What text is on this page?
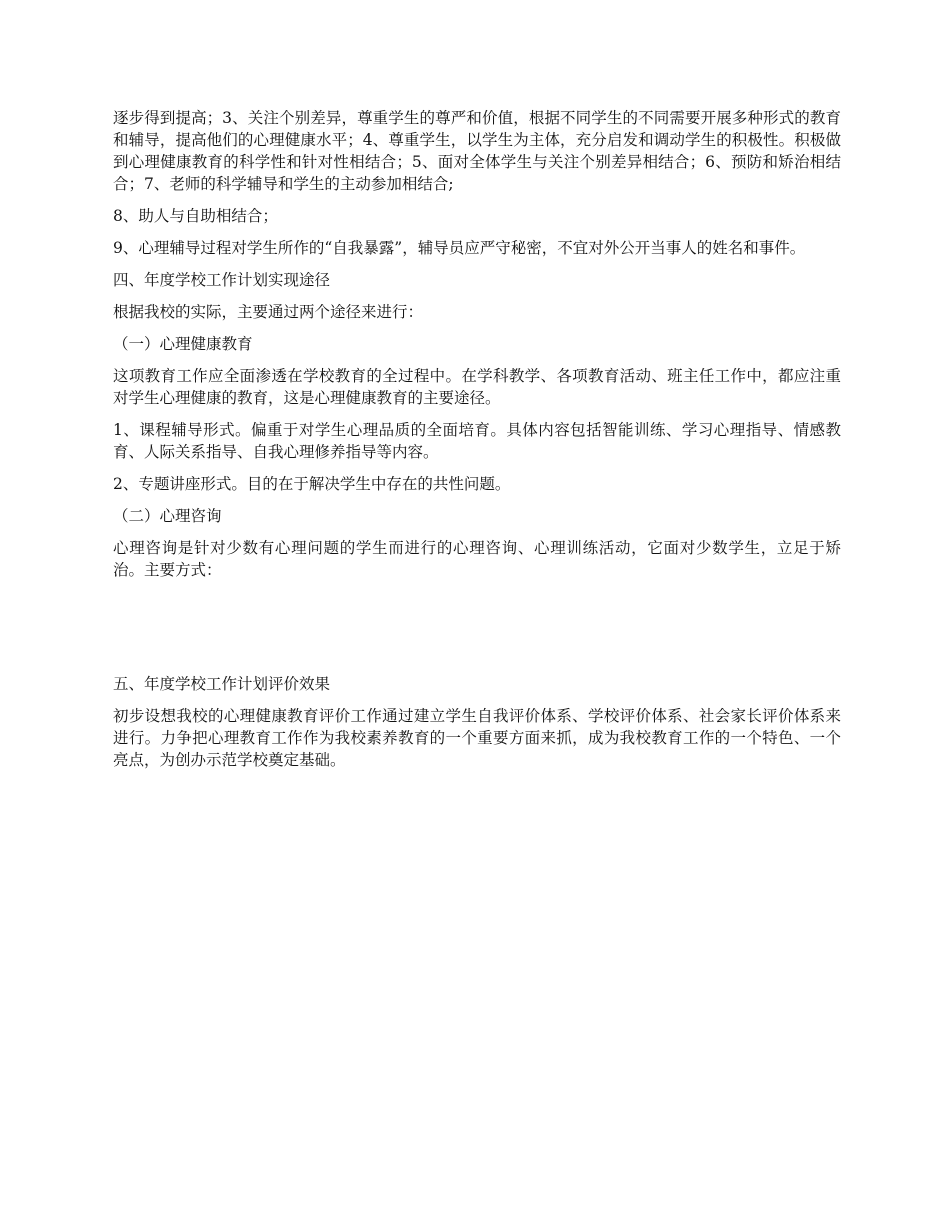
逐步得到提高；3、关注个别差异，尊重学生的尊严和价值，根据不同学生的不同需要开展多种形式的教育和辅导，提高他们的心理健康水平；4、尊重学生，以学生为主体，充分启发和调动学生的积极性。积极做到心理健康教育的科学性和针对性相结合；5、面对全体学生与关注个别差异相结合；6、预防和矫治相结合；7、老师的科学辅导和学生的主动参加相结合;

8、助人与自助相结合；

9、心理辅导过程对学生所作的“自我暴露”，辅导员应严守秘密，不宜对外公开当事人的姓名和事件。

四、年度学校工作计划实现途径

根据我校的实际，主要通过两个途径来进行：

（一）心理健康教育

这项教育工作应全面渗透在学校教育的全过程中。在学科教学、各项教育活动、班主任工作中，都应注重对学生心理健康的教育，这是心理健康教育的主要途径。

1、课程辅导形式。偏重于对学生心理品质的全面培育。具体内容包括智能训练、学习心理指导、情感教育、人际关系指导、自我心理修养指导等内容。

2、专题讲座形式。目的在于解决学生中存在的共性问题。

（二）心理咨询

心理咨询是针对少数有心理问题的学生而进行的心理咨询、心理训练活动，它面对少数学生，立足于矫治。主要方式：

五、年度学校工作计划评价效果

初步设想我校的心理健康教育评价工作通过建立学生自我评价体系、学校评价体系、社会家长评价体系来进行。力争把心理教育工作作为我校素养教育的一个重要方面来抓，成为我校教育工作的一个特色、一个亮点，为创办示范学校奠定基础。
